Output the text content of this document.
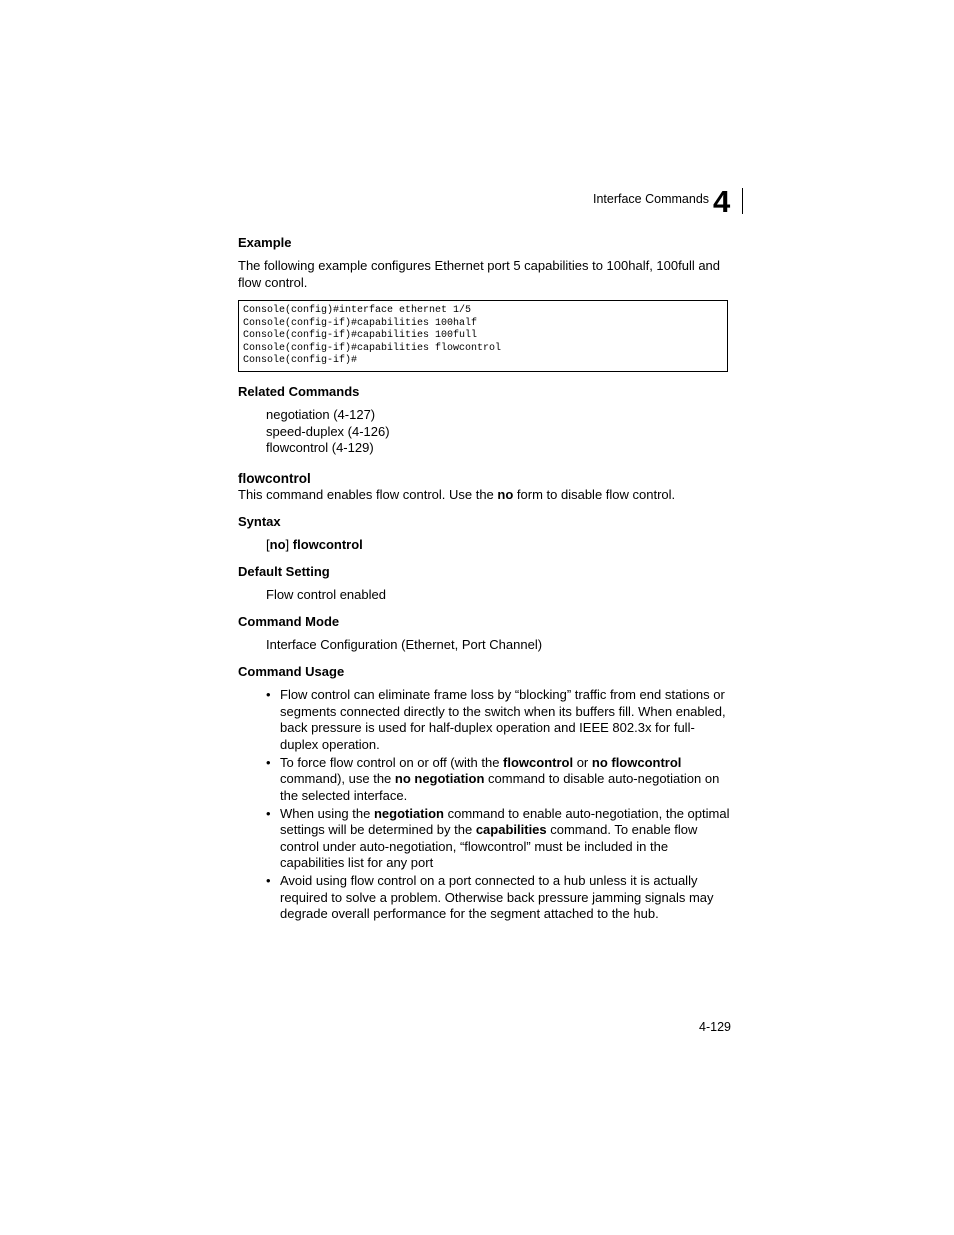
Interface Commands 4
Example
The following example configures Ethernet port 5 capabilities to 100half, 100full and flow control.
Console(config)#interface ethernet 1/5
Console(config-if)#capabilities 100half
Console(config-if)#capabilities 100full
Console(config-if)#capabilities flowcontrol
Console(config-if)#
Related Commands
negotiation (4-127)
speed-duplex (4-126)
flowcontrol (4-129)
flowcontrol
This command enables flow control. Use the no form to disable flow control.
Syntax
[no] flowcontrol
Default Setting
Flow control enabled
Command Mode
Interface Configuration (Ethernet, Port Channel)
Command Usage
• Flow control can eliminate frame loss by “blocking” traffic from end stations or segments connected directly to the switch when its buffers fill. When enabled, back pressure is used for half-duplex operation and IEEE 802.3x for full-duplex operation.
• To force flow control on or off (with the flowcontrol or no flowcontrol command), use the no negotiation command to disable auto-negotiation on the selected interface.
• When using the negotiation command to enable auto-negotiation, the optimal settings will be determined by the capabilities command. To enable flow control under auto-negotiation, “flowcontrol” must be included in the capabilities list for any port
• Avoid using flow control on a port connected to a hub unless it is actually required to solve a problem. Otherwise back pressure jamming signals may degrade overall performance for the segment attached to the hub.
4-129
